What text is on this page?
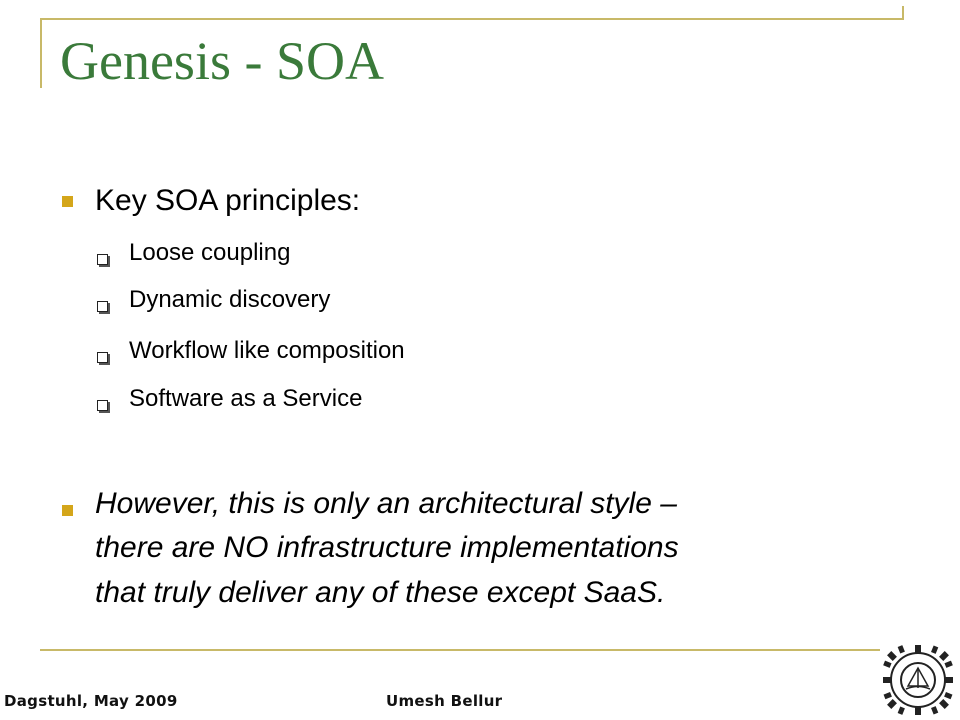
Genesis - SOA
Key SOA principles:
Loose coupling
Dynamic discovery
Workflow like composition
Software as a Service
However, this is only an architectural style –
there are NO infrastructure implementations
that truly deliver any of these except SaaS.
Dagstuhl, May 2009	Umesh Bellur
